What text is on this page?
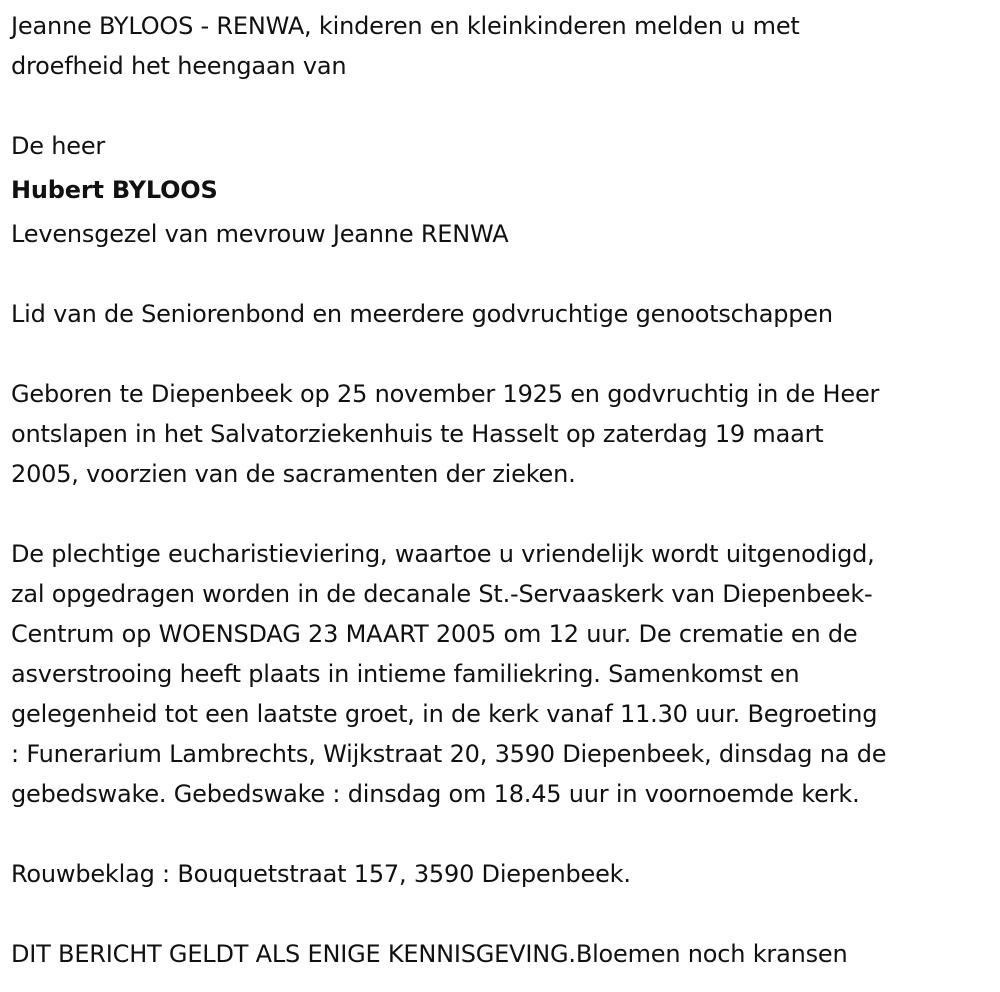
Jeanne BYLOOS - RENWA, kinderen en kleinkinderen melden u met

droefheid het heengaan van

De heer

Hubert BYLOOS

Levensgezel van mevrouw Jeanne RENWA

Lid van de Seniorenbond en meerdere godvruchtige genootschappen

Geboren te Diepenbeek op 25 november 1925 en godvruchtig in de Heer

ontslapen in het Salvatorziekenhuis te Hasselt op zaterdag 19 maart

2005, voorzien van de sacramenten der zieken.

De plechtige eucharistieviering, waartoe u vriendelijk wordt uitgenodigd,

zal opgedragen worden in de decanale St.-Servaaskerk van Diepenbeek-

Centrum op WOENSDAG 23 MAART 2005 om 12 uur. De crematie en de

asverstrooing heeft plaats in intieme familiekring. Samenkomst en

gelegenheid tot een laatste groet, in de kerk vanaf 11.30 uur. Begroeting

: Funerarium Lambrechts, Wijkstraat 20, 3590 Diepenbeek, dinsdag na de

gebedswake. Gebedswake : dinsdag om 18.45 uur in voornoemde kerk.

Rouwbeklag : Bouquetstraat 157, 3590 Diepenbeek.

DIT BERICHT GELDT ALS ENIGE KENNISGEVING.Bloemen noch kransen
